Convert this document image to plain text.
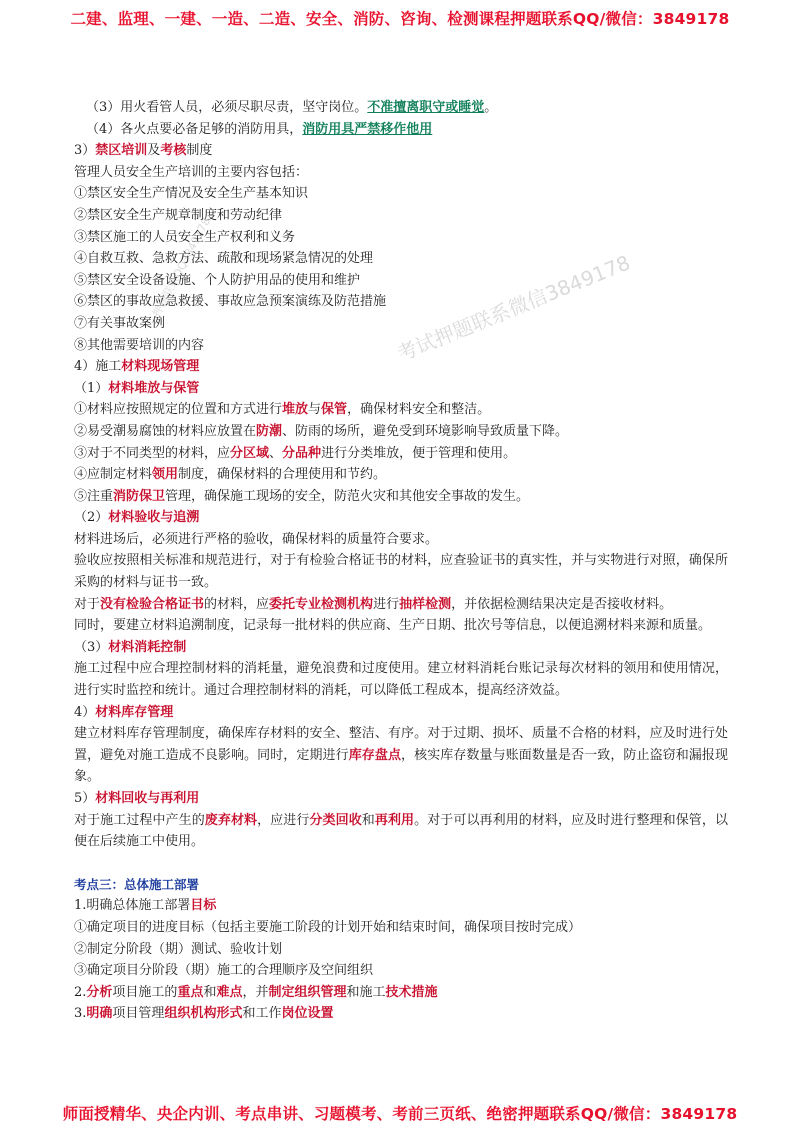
二建、监理、一建、一造、二造、安全、消防、咨询、检测课程押题联系QQ/微信：3849178
考试押题联系微信3849178
押题联系QQ3849178
（3）用火看管人员，必须尽职尽责，坚守岗位。不准擅离职守或睡觉。
（4）各火点要必备足够的消防用具，消防用具严禁移作他用
3）禁区培训及考核制度
管理人员安全生产培训的主要内容包括：
①禁区安全生产情况及安全生产基本知识
②禁区安全生产规章制度和劳动纪律
③禁区施工的人员安全生产权利和义务
④自救互救、急救方法、疏散和现场紧急情况的处理
⑤禁区安全设备设施、个人防护用品的使用和维护
⑥禁区的事故应急救援、事故应急预案演练及防范措施
⑦有关事故案例
⑧其他需要培训的内容
4）施工材料现场管理
（1）材料堆放与保管
①材料应按照规定的位置和方式进行堆放与保管，确保材料安全和整洁。
②易受潮易腐蚀的材料应放置在防潮、防雨的场所，避免受到环境影响导致质量下降。
③对于不同类型的材料，应分区域、分品种进行分类堆放，便于管理和使用。
④应制定材料领用制度，确保材料的合理使用和节约。
⑤注重消防保卫管理，确保施工现场的安全，防范火灾和其他安全事故的发生。
（2）材料验收与追溯
材料进场后，必须进行严格的验收，确保材料的质量符合要求。
验收应按照相关标准和规范进行，对于有检验合格证书的材料，应查验证书的真实性，并与实物进行对照，确保所采购的材料与证书一致。
对于没有检验合格证书的材料，应委托专业检测机构进行抽样检测，并依据检测结果决定是否接收材料。
同时，要建立材料追溯制度，记录每一批材料的供应商、生产日期、批次号等信息，以便追溯材料来源和质量。
（3）材料消耗控制
施工过程中应合理控制材料的消耗量，避免浪费和过度使用。建立材料消耗台账记录每次材料的领用和使用情况，进行实时监控和统计。通过合理控制材料的消耗，可以降低工程成本，提高经济效益。
4）材料库存管理
建立材料库存管理制度，确保库存材料的安全、整洁、有序。对于过期、损坏、质量不合格的材料，应及时进行处置，避免对施工造成不良影响。同时，定期进行库存盘点，核实库存数量与账面数量是否一致，防止盗窃和漏报现象。
5）材料回收与再利用
对于施工过程中产生的废弃材料，应进行分类回收和再利用。对于可以再利用的材料，应及时进行整理和保管，以便在后续施工中使用。
考点三：总体施工部署
1.明确总体施工部署目标
①确定项目的进度目标（包括主要施工阶段的计划开始和结束时间，确保项目按时完成）
②制定分阶段（期）测试、验收计划
③确定项目分阶段（期）施工的合理顺序及空间组织
2.分析项目施工的重点和难点，并制定组织管理和施工技术措施
3.明确项目管理组织机构形式和工作岗位设置
师面授精华、央企内训、考点串讲、习题模考、考前三页纸、绝密押题联系QQ/微信：3849178
